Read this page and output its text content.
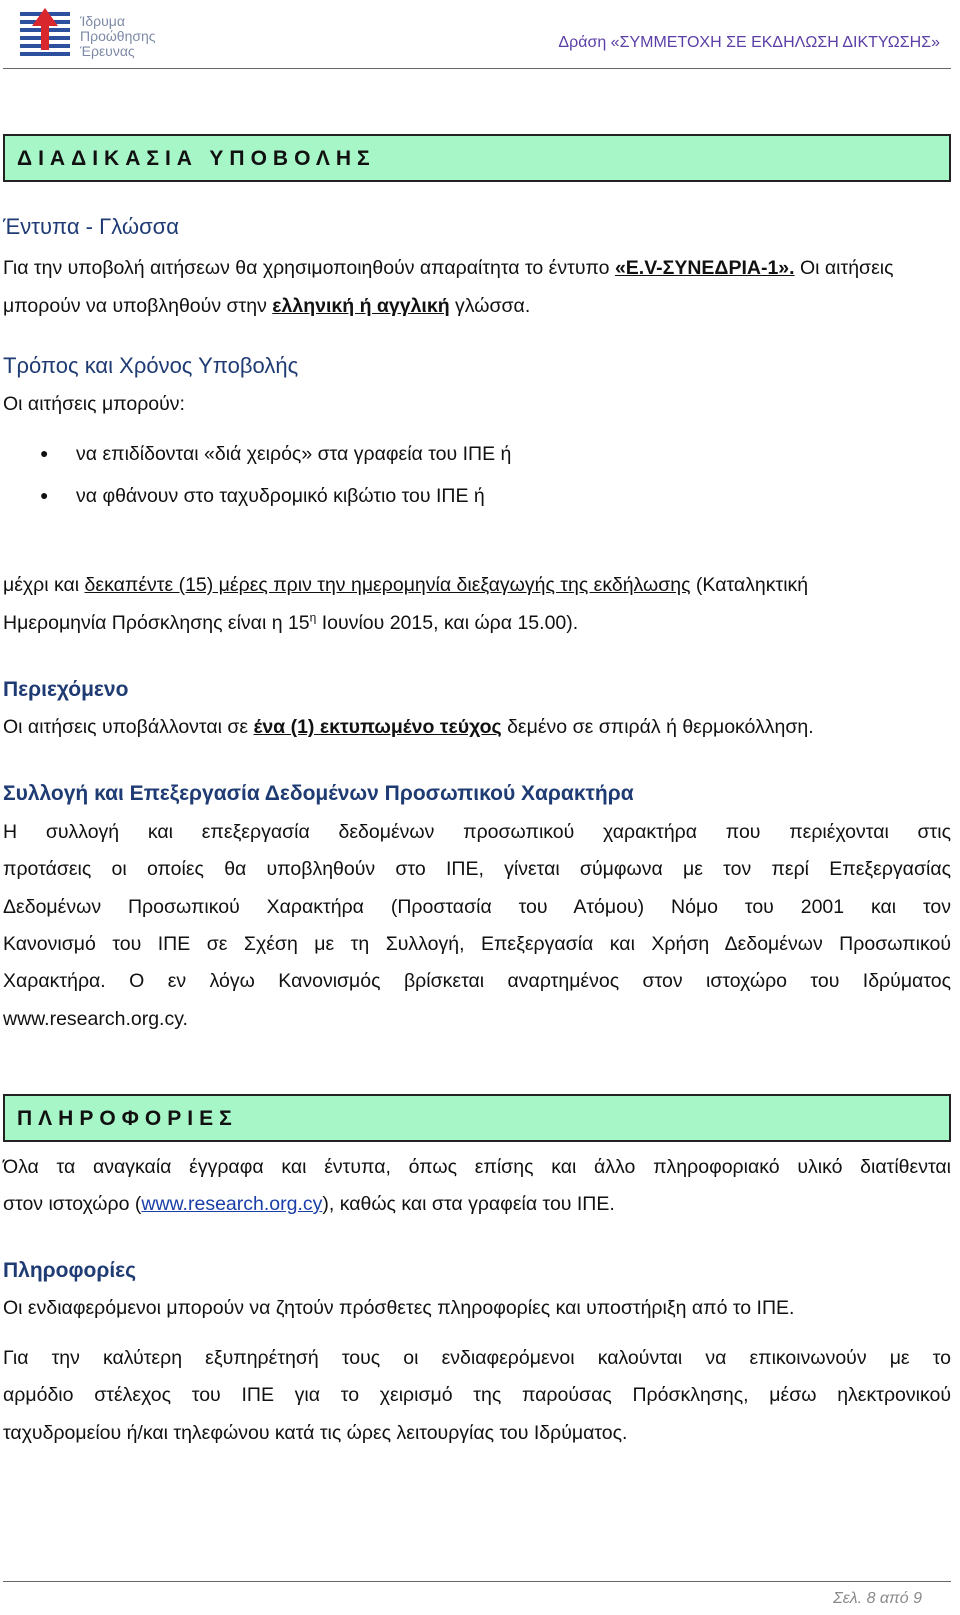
Ίδρυμα
Προώθησης
Έρευνας	Δράση «ΣΥΜΜΕΤΟΧΗ ΣΕ ΕΚΔΗΛΩΣΗ ΔΙΚΤΥΩΣΗΣ»
ΔΙΑΔΙΚΑΣΙΑ ΥΠΟΒΟΛΗΣ
Έντυπα - Γλώσσα
Για την υποβολή αιτήσεων θα χρησιμοποιηθούν απαραίτητα το έντυπο «E.V-ΣΥΝΕΔΡΙΑ-1». Οι αιτήσεις μπορούν να υποβληθούν στην ελληνική ή αγγλική γλώσσα.
Τρόπος και Χρόνος Υποβολής
Οι αιτήσεις μπορούν:
● να επιδίδονται «διά χειρός» στα γραφεία του ΙΠΕ ή
● να φθάνουν στο ταχυδρομικό κιβώτιο του ΙΠΕ ή
μέχρι και δεκαπέντε (15) μέρες πριν την ημερομηνία διεξαγωγής της εκδήλωσης (Καταληκτική
Ημερομηνία Πρόσκλησης είναι η $15^\eta$ Ιουνίου 2015, και ώρα 15.00).
Περιεχόμενο
Οι αιτήσεις υποβάλλονται σε ένα (1) εκτυπωμένο τεύχος δεμένο σε σπιράλ ή θερμοκόλληση.
Συλλογή και Επεξεργασία Δεδομένων Προσωπικού Χαρακτήρα
Η συλλογή και επεξεργασία δεδομένων προσωπικού χαρακτήρα που περιέχονται στις
προτάσεις οι οποίες θα υποβληθούν στο ΙΠΕ, γίνεται σύμφωνα με τον περί Επεξεργασίας
Δεδομένων Προσωπικού Χαρακτήρα (Προστασία του Ατόμου) Νόμο του 2001 και τον
Κανονισμό του ΙΠΕ σε Σχέση με τη Συλλογή, Επεξεργασία και Χρήση Δεδομένων Προσωπικού
Χαρακτήρα. Ο εν λόγω Κανονισμός βρίσκεται αναρτημένος στον ιστοχώρο του Ιδρύματος
www.research.org.cy.
ΠΛΗΡΟΦΟΡΙΕΣ
Όλα τα αναγκαία έγγραφα και έντυπα, όπως επίσης και άλλο πληροφοριακό υλικό διατίθενται
στον ιστοχώρο (www.research.org.cy), καθώς και στα γραφεία του ΙΠΕ.
Πληροφορίες
Οι ενδιαφερόμενοι μπορούν να ζητούν πρόσθετες πληροφορίες και υποστήριξη από το ΙΠΕ.
Για την καλύτερη εξυπηρέτησή τους οι ενδιαφερόμενοι καλούνται να επικοινωνούν με το
αρμόδιο στέλεχος του ΙΠΕ για το χειρισμό της παρούσας Πρόσκλησης, μέσω ηλεκτρονικού
ταχυδρομείου ή/και τηλεφώνου κατά τις ώρες λειτουργίας του Ιδρύματος.
Σελ. 8 από 9
